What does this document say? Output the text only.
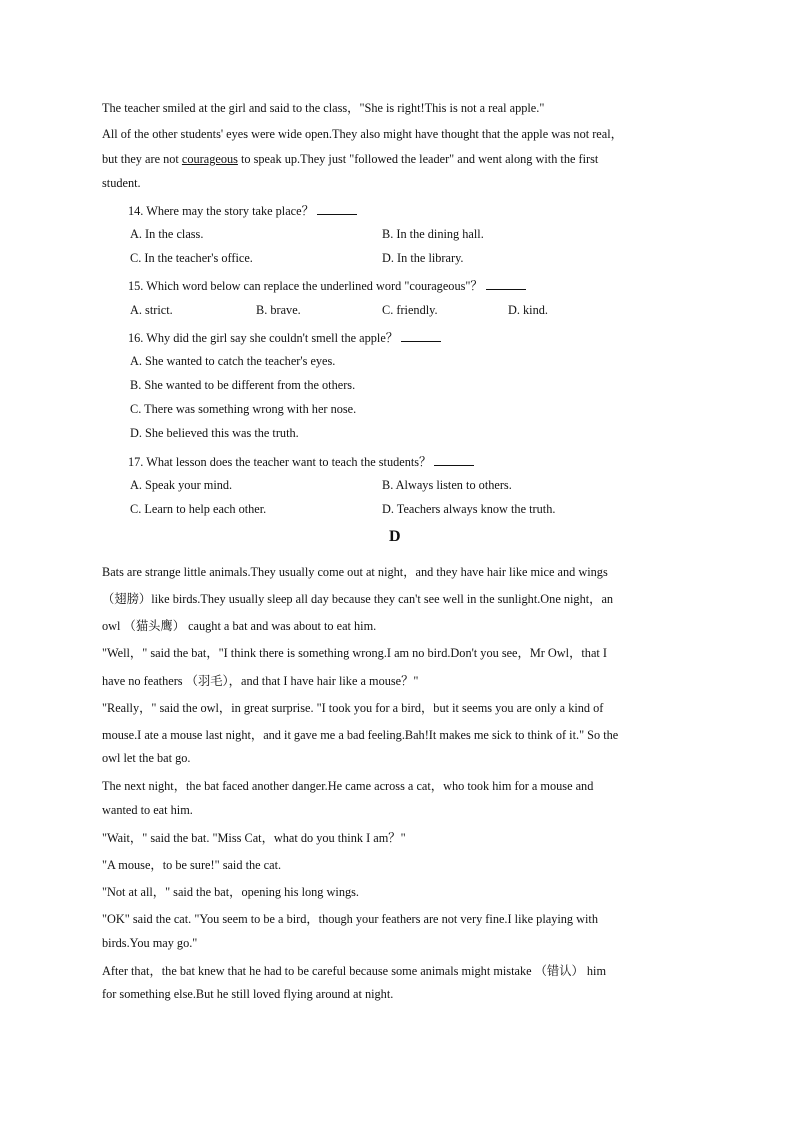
The teacher smiled at the girl and said to the class，"She is right!This is not a real apple."
All of the other students' eyes were wide open.They also might have thought that the apple was not real，
but they are not courageous to speak up.They just "followed the leader" and went along with the first
student.
14. Where may the story take place？
A. In the class.	B. In the dining hall.
C. In the teacher's office.	D. In the library.
15. Which word below can replace the underlined word "courageous"？
A. strict.	B. brave.	C. friendly.	D. kind.
16. Why did the girl say she couldn't smell the apple？
A. She wanted to catch the teacher's eyes.
B. She wanted to be different from the others.
C. There was something wrong with her nose.
D. She believed this was the truth.
17. What lesson does the teacher want to teach the students？
A. Speak your mind.	B. Always listen to others.
C. Learn to help each other.	D. Teachers always know the truth.
D
Bats are strange little animals.They usually come out at night，and they have hair like mice and wings
（翅膀）like birds.They usually sleep all day because they can't see well in the sunlight.One night，an
owl （猫头鹰） caught a bat and was about to eat him.
"Well，" said the bat，"I think there is something wrong.I am no bird.Don't you see，Mr Owl，that I
have no feathers （羽毛），and that I have hair like a mouse？"
"Really，" said the owl，in great surprise. "I took you for a bird，but it seems you are only a kind of
mouse.I ate a mouse last night，and it gave me a bad feeling.Bah!It makes me sick to think of it." So the
owl let the bat go.
The next night，the bat faced another danger.He came across a cat，who took him for a mouse and
wanted to eat him.
"Wait，" said the bat. "Miss Cat，what do you think I am？"
"A mouse，to be sure!" said the cat.
"Not at all，" said the bat，opening his long wings.
"OK" said the cat. "You seem to be a bird，though your feathers are not very fine.I like playing with
birds.You may go."
After that，the bat knew that he had to be careful because some animals might mistake （错认） him
for something else.But he still loved flying around at night.
